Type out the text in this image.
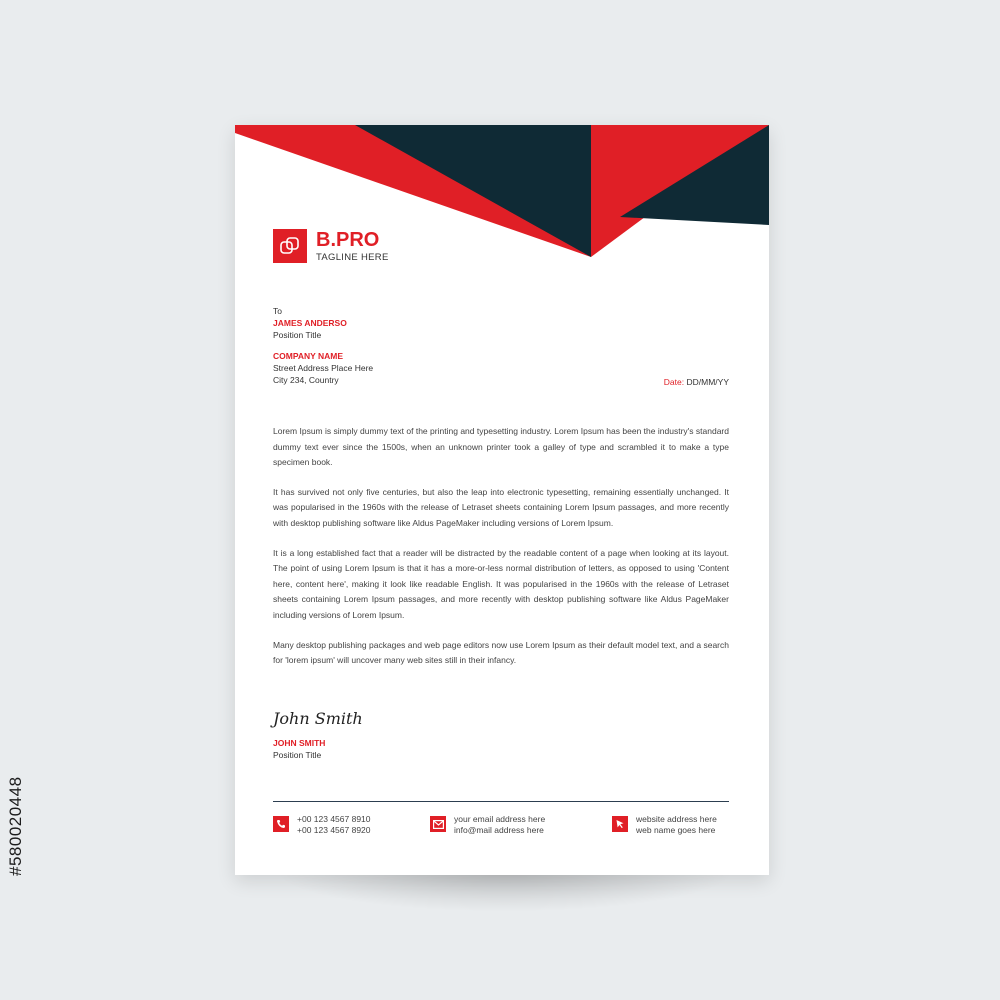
#580020448
B.PRO
TAGLINE HERE
To
JAMES ANDERSO
Position Title
COMPANY NAME
Street Address Place Here
City 234, Country	Date: DD/MM/YY

Lorem Ipsum is simply dummy text of the printing and typesetting industry. Lorem Ipsum has been the industry's standard dummy text ever since the 1500s, when an unknown printer took a galley of type and scrambled it to make a type specimen book.

It has survived not only five centuries, but also the leap into electronic typesetting, remaining essentially unchanged. It was popularised in the 1960s with the release of Letraset sheets containing Lorem Ipsum passages, and more recently with desktop publishing software like Aldus PageMaker including versions of Lorem Ipsum.

It is a long established fact that a reader will be distracted by the readable content of a page when looking at its layout. The point of using Lorem Ipsum is that it has a more-or-less normal distribution of letters, as opposed to using 'Content here, content here', making it look like readable English. It was popularised in the 1960s with the release of Letraset sheets containing Lorem Ipsum passages, and more recently with desktop publishing software like Aldus PageMaker including versions of Lorem Ipsum.

Many desktop publishing packages and web page editors now use Lorem Ipsum as their default model text, and a search for 'lorem ipsum' will uncover many web sites still in their infancy.

John Smith
JOHN SMITH
Position Title
+00 123 4567 8910
+00 123 4567 8920
your email address here
info@mail address here
website address here
web name goes here
